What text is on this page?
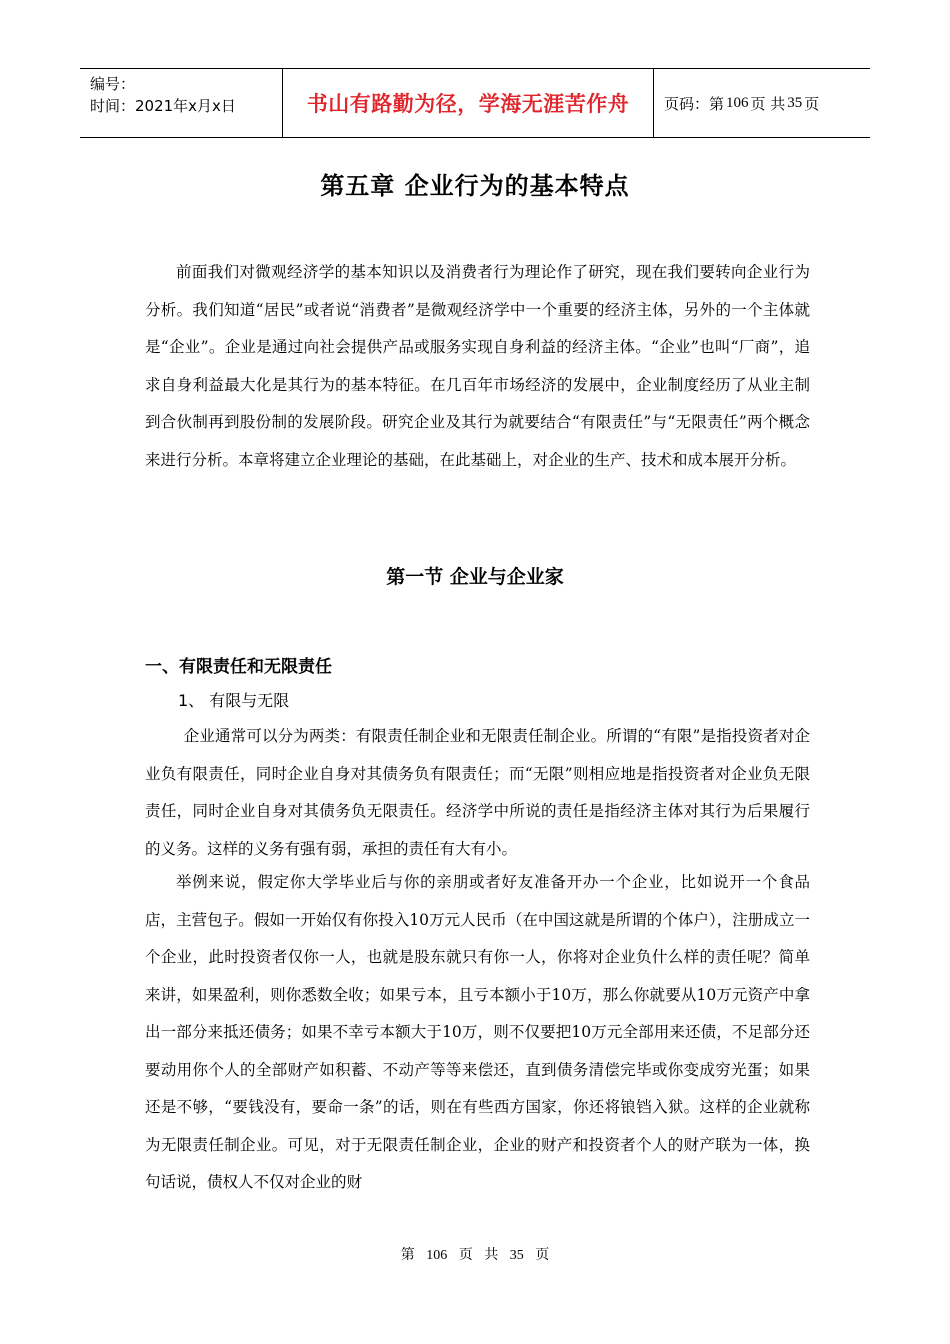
编号：
时间：2021年x月x日	书山有路勤为径，学海无涯苦作舟 页码：第 106 页 共 35 页
第五章 企业行为的基本特点

前面我们对微观经济学的基本知识以及消费者行为理论作了研究，现在我们要转向企业行为分析。我们知道“居民”或者说“消费者”是微观经济学中一个重要的经济主体，另外的一个主体就是“企业”。企业是通过向社会提供产品或服务实现自身利益的经济主体。“企业”也叫“厂商”，追求自身利益最大化是其行为的基本特征。在几百年市场经济的发展中，企业制度经历了从业主制到合伙制再到股份制的发展阶段。研究企业及其行为就要结合“有限责任”与“无限责任”两个概念来进行分析。本章将建立企业理论的基础，在此基础上，对企业的生产、技术和成本展开分析。

第一节 企业与企业家
一、有限责任和无限责任
1、 有限与无限

企业通常可以分为两类：有限责任制企业和无限责任制企业。所谓的“有限”是指投资者对企业负有限责任，同时企业自身对其债务负有限责任；而“无限”则相应地是指投资者对企业负无限责任，同时企业自身对其债务负无限责任。经济学中所说的责任是指经济主体对其行为后果履行的义务。这样的义务有强有弱，承担的责任有大有小。

举例来说，假定你大学毕业后与你的亲朋或者好友准备开办一个企业，比如说开一个食品店，主营包子。假如一开始仅有你投入10万元人民币（在中国这就是所谓的个体户），注册成立一个企业，此时投资者仅你一人，也就是股东就只有你一人，你将对企业负什么样的责任呢？简单来讲，如果盈利，则你悉数全收；如果亏本，且亏本额小于10万，那么你就要从10万元资产中拿出一部分来抵还债务；如果不幸亏本额大于10万，则不仅要把10万元全部用来还债，不足部分还要动用你个人的全部财产如积蓄、不动产等等来偿还，直到债务清偿完毕或你变成穷光蛋；如果还是不够，“要钱没有，要命一条”的话，则在有些西方国家，你还将锒铛入狱。这样的企业就称为无限责任制企业。可见，对于无限责任制企业，企业的财产和投资者个人的财产联为一体，换句话说，债权人不仅对企业的财

第 106 页 共 35 页
